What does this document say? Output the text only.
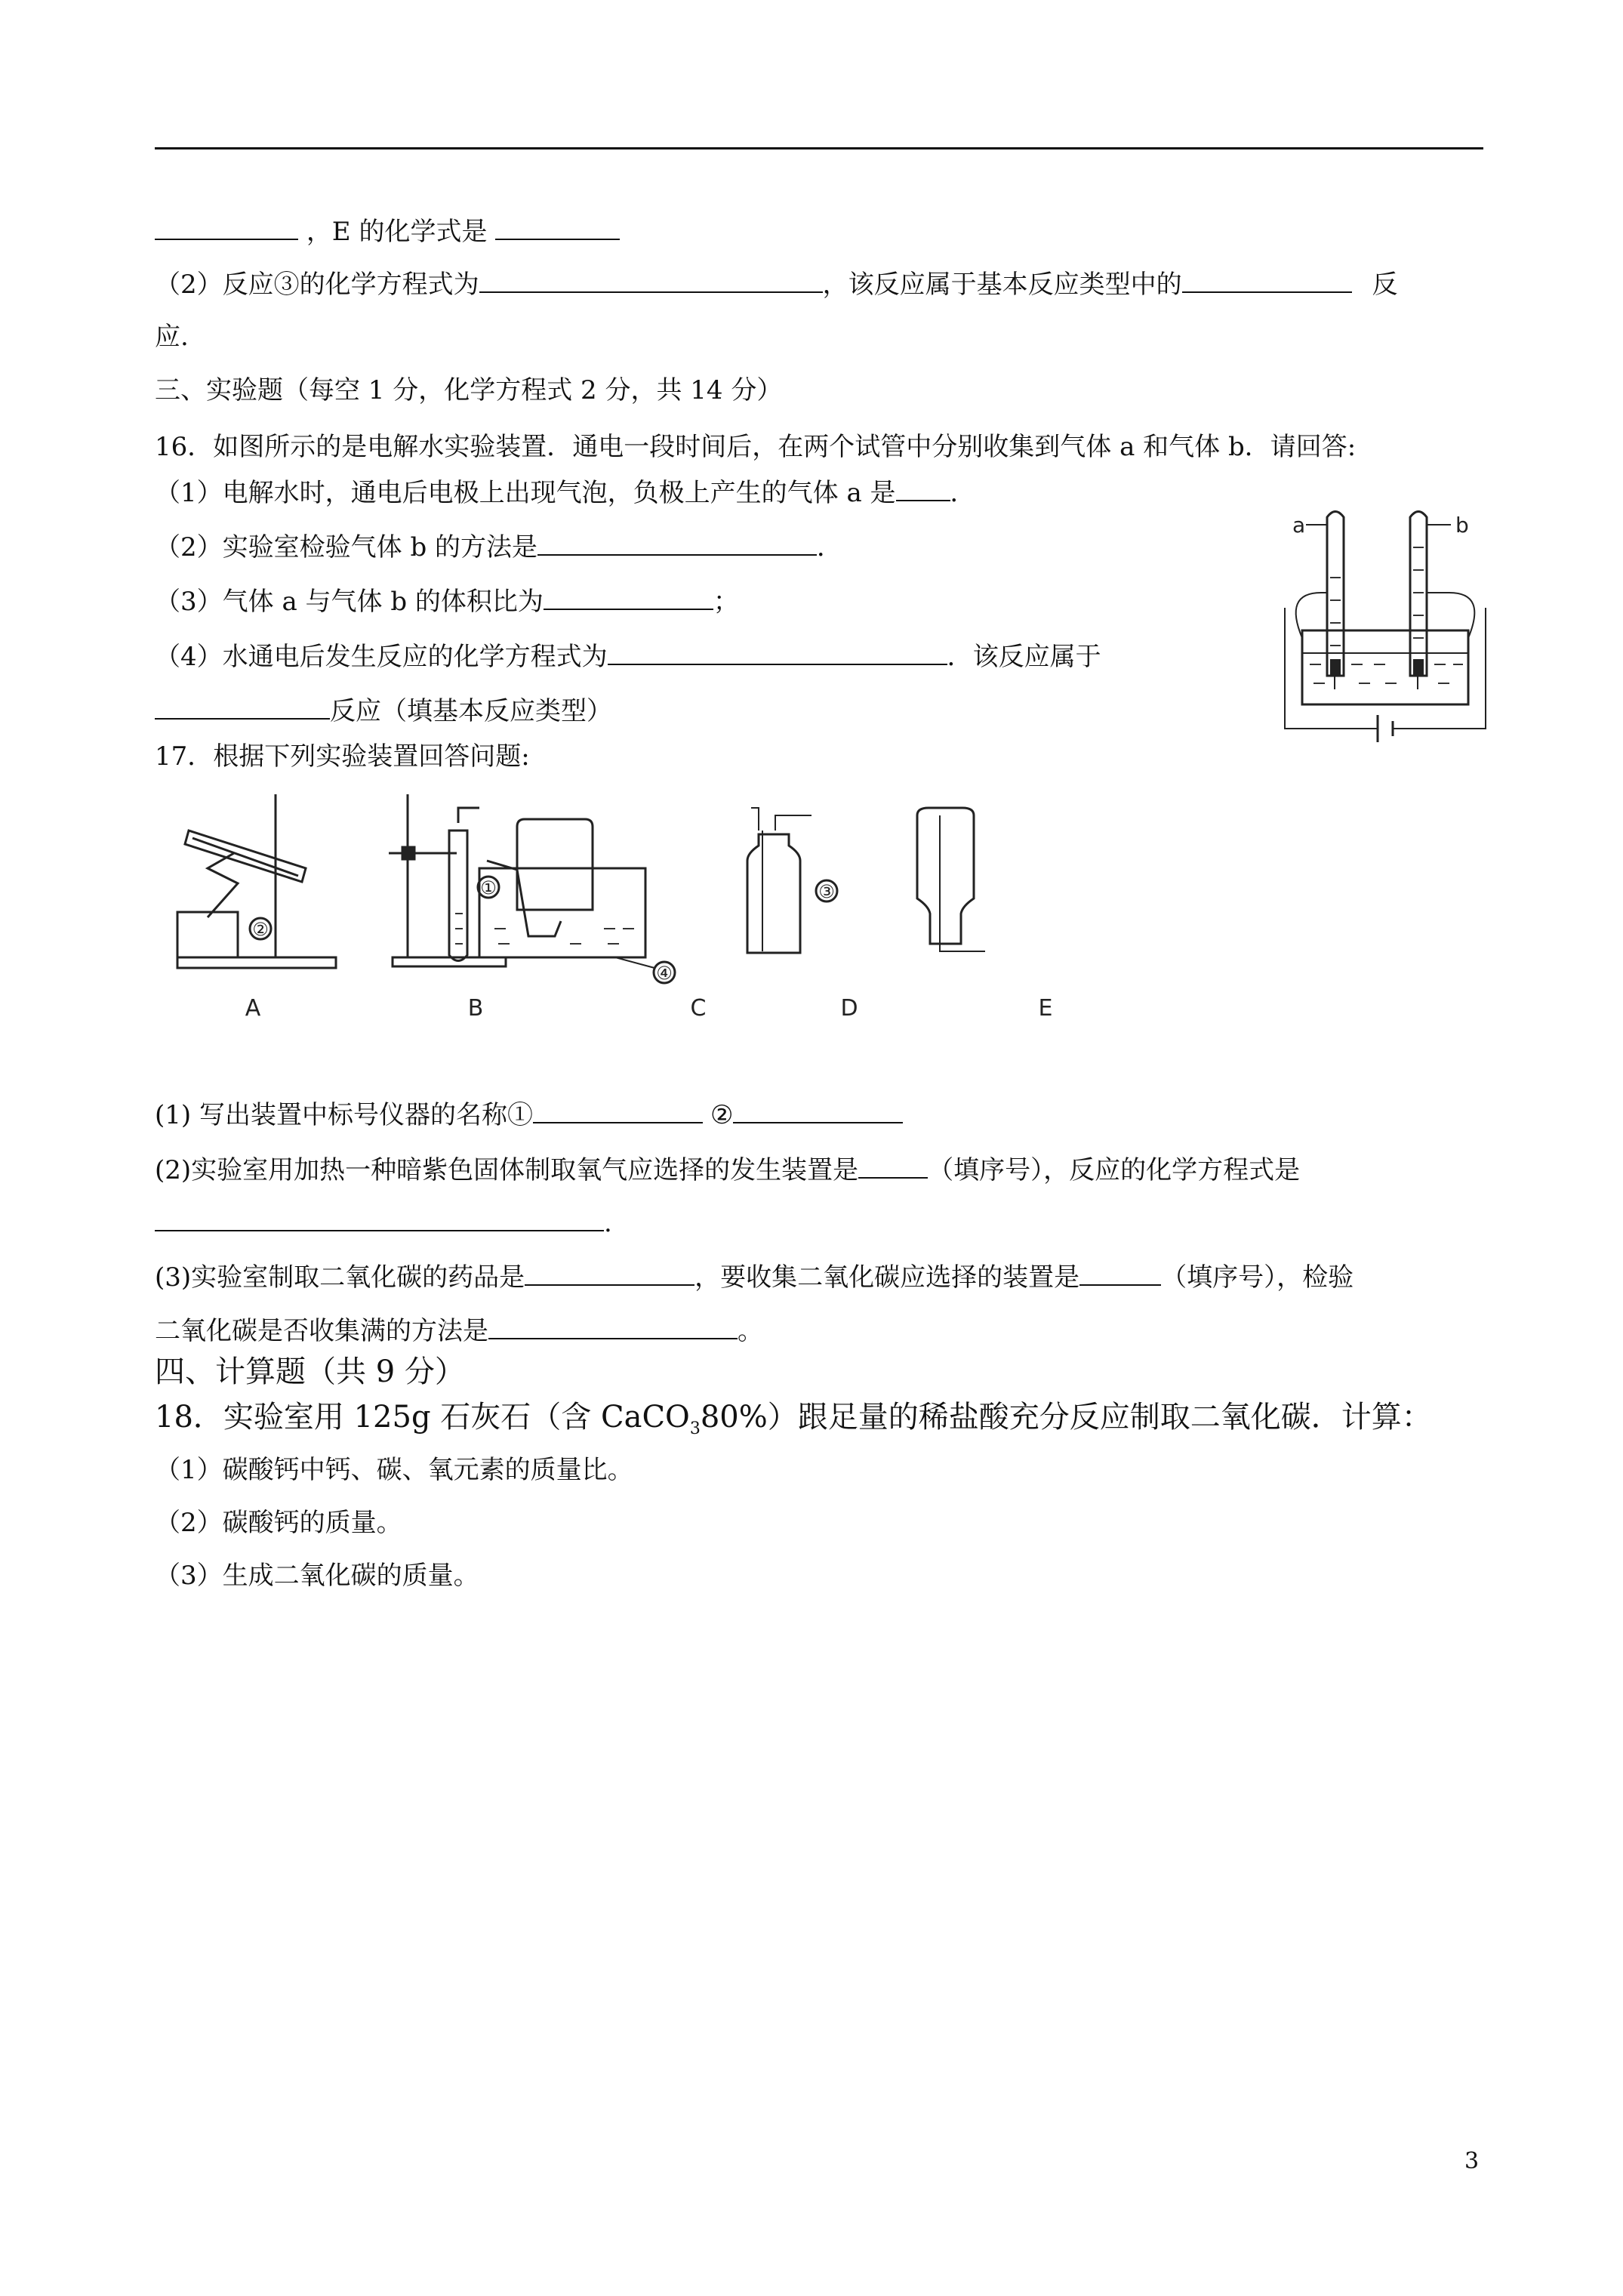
，E 的化学式是
（2）反应③的化学方程式为	，该反应属于基本反应类型中的	反
应.
三、实验题（每空 1 分，化学方程式 2 分，共 14 分）
16．如图所示的是电解水实验装置．通电一段时间后，在两个试管中分别收集到气体 a 和气体 b．请回答:
（1）电解水时，通电后电极上出现气泡，负极上产生的气体 a 是 ．
（2）实验室检验气体 b 的方法是	．
（3）气体 a 与气体 b 的体积比为	；
（4）水通电后发生反应的化学方程式为	．该反应属于
反应（填基本反应类型）
a	b
17．根据下列实验装置回答问题:
①
②
③
④
A	B	C	D	E
(1) 写出装置中标号仪器的名称①	②
(2)实验室用加热一种暗紫色固体制取氧气应选择的发生装置是	（填序号），反应的化学方程式是
.
(3)实验室制取二氧化碳的药品是	，要收集二氧化碳应选择的装置是	（填序号），检验
二氧化碳是否收集满的方法是	。
四、计算题（共 9 分）
18．实验室用 125g 石灰石（含 CaCO$_3$80%）跟足量的稀盐酸充分反应制取二氧化碳．计算：
（1）碳酸钙中钙、碳、氧元素的质量比。
（2）碳酸钙的质量。
（3）生成二氧化碳的质量。
3
